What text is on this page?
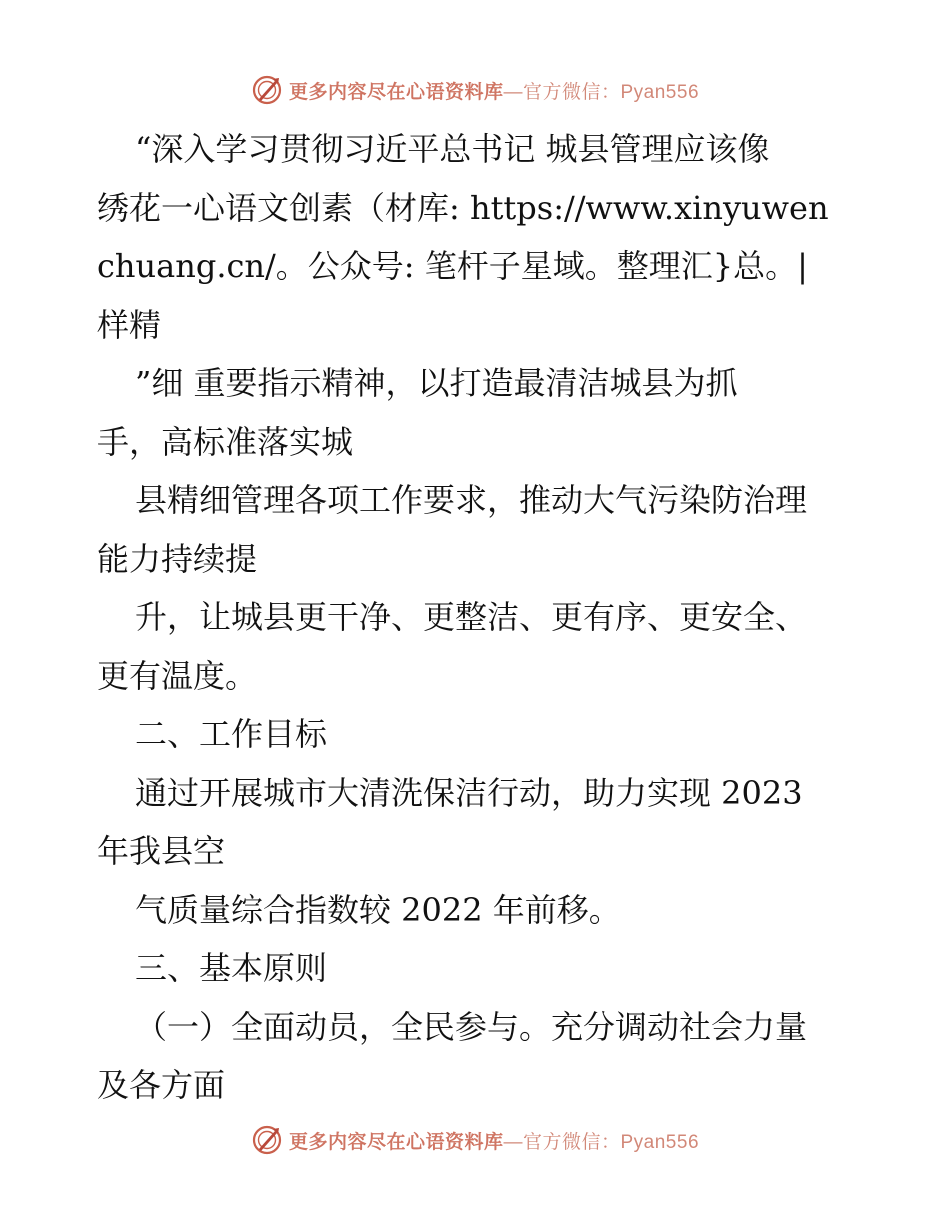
更多内容尽在心语资料库—官方微信：Pyan556
“深入学习贯彻习近平总书记 城县管理应该像
绣花一心语文创素（材库: https://www.xinyuwen
chuang.cn/。公众号: 笔杆子星域。整理汇}总。|
样精
”细 重要指示精神，以打造最清洁城县为抓
手，高标准落实城
县精细管理各项工作要求，推动大气污染防治理
能力持续提
升，让城县更干净、更整洁、更有序、更安全、
更有温度。
二、工作目标
通过开展城市大清洗保洁行动，助力实现 2023
年我县空
气质量综合指数较 2022 年前移。
三、基本原则
（一）全面动员，全民参与。充分调动社会力量
及各方面
更多内容尽在心语资料库—官方微信：Pyan556
